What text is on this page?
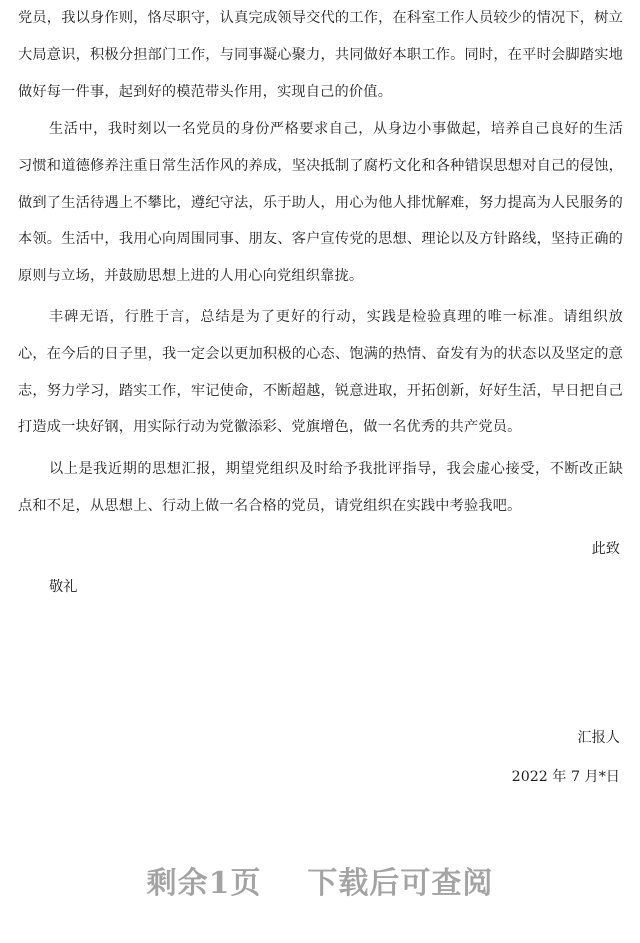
党员，我以身作则，恪尽职守，认真完成领导交代的工作，在科室工作人员较少的情况下，树立大局意识，积极分担部门工作，与同事凝心聚力，共同做好本职工作。同时，在平时会脚踏实地做好每一件事，起到好的模范带头作用，实现自己的价值。
生活中，我时刻以一名党员的身份严格要求自己，从身边小事做起，培养自己良好的生活习惯和道德修养注重日常生活作风的养成，坚决抵制了腐朽文化和各种错误思想对自己的侵蚀，做到了生活待遇上不攀比，遵纪守法，乐于助人，用心为他人排忧解难，努力提高为人民服务的本领。生活中，我用心向周围同事、朋友、客户宣传党的思想、理论以及方针路线，坚持正确的原则与立场，并鼓励思想上进的人用心向党组织靠拢。
丰碑无语，行胜于言，总结是为了更好的行动，实践是检验真理的唯一标准。请组织放心，在今后的日子里，我一定会以更加积极的心态、饱满的热情、奋发有为的状态以及坚定的意志，努力学习，踏实工作，牢记使命，不断超越，锐意进取，开拓创新，好好生活，早日把自己打造成一块好钢，用实际行动为党徽添彩、党旗增色，做一名优秀的共产党员。
以上是我近期的思想汇报，期望党组织及时给予我批评指导，我会虚心接受，不断改正缺点和不足，从思想上、行动上做一名合格的党员，请党组织在实践中考验我吧。
此致
敬礼
汇报人
2022 年 7 月*日
剩余1页    下载后可查阅
